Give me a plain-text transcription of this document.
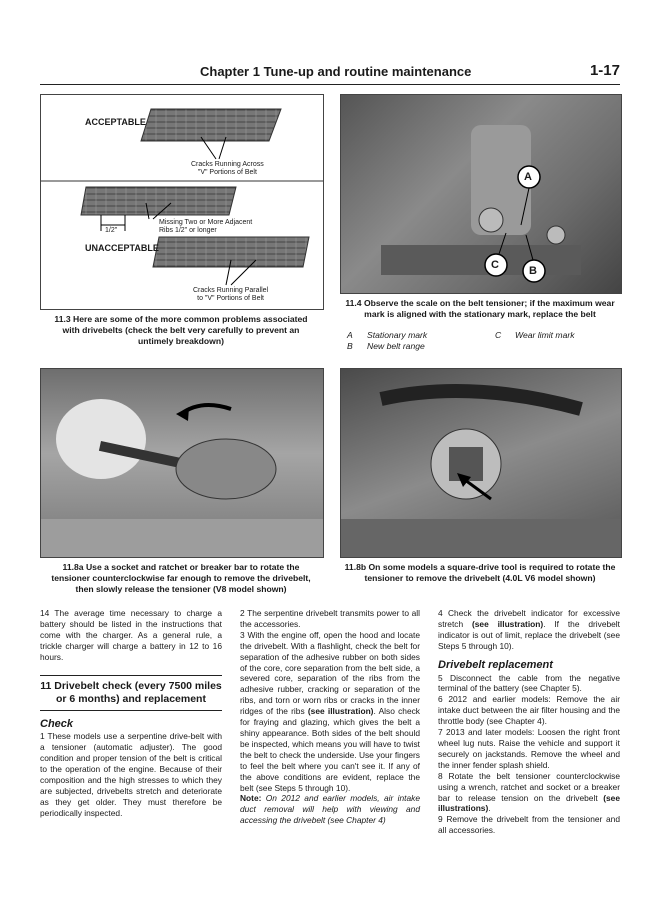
Chapter 1 Tune-up and routine maintenance	1-17
ACCEPTABLE
UNACCEPTABLE
Cracks Running Across
"V" Portions of Belt
Missing Two or More Adjacent
Ribs 1/2" or longer
1/2"
Cracks Running Parallel
to "V" Portions of Belt
11.3 Here are some of the more common problems associated
with drivebelts (check the belt very carefully to prevent an
untimely breakdown)
A
C	B
11.4 Observe the scale on the belt tensioner; if the maximum wear
mark is aligned with the stationary mark, replace the belt
A Stationary mark
B New belt range
C Wear limit mark
11.8a Use a socket and ratchet or breaker bar to rotate the
tensioner counterclockwise far enough to remove the drivebelt,
then slowly release the tensioner (V8 model shown)
11.8b On some models a square-drive tool is required to rotate the
tensioner to remove the drivebelt (4.0L V6 model shown)

14 The average time necessary to charge a battery should be listed in the instructions that come with the charger. As a general rule, a trickle charger will charge a battery in 12 to 16 hours.

11 Drivebelt check (every 7500 miles or 6 months) and replacement
Check

1 These models use a serpentine drive-belt with a tensioner (automatic adjuster). The good condition and proper tension of the belt is critical to the operation of the engine. Because of their composition and the high stresses to which they are subjected, drivebelts stretch and deteriorate as they get older. They must therefore be periodically inspected.

2 The serpentine drivebelt transmits power to all the accessories.

3 With the engine off, open the hood and locate the drivebelt. With a flashlight, check the belt for separation of the adhesive rubber on both sides of the core, core separation from the belt side, a severed core, separation of the ribs from the adhesive rubber, cracking or separation of the ribs, and torn or worn ribs or cracks in the inner ridges of the ribs (see illustration). Also check for fraying and glazing, which gives the belt a shiny appearance. Both sides of the belt should be inspected, which means you will have to twist the belt to check the underside. Use your fingers to feel the belt where you can't see it. If any of the above conditions are evident, replace the belt (see Steps 5 through 10).

Note: On 2012 and earlier models, air intake duct removal will help with viewing and accessing the drivebelt (see Chapter 4)

4 Check the drivebelt indicator for excessive stretch (see illustration). If the drivebelt indicator is out of limit, replace the drivebelt (see Steps 5 through 10).

Drivebelt replacement

5 Disconnect the cable from the negative terminal of the battery (see Chapter 5).

6 2012 and earlier models: Remove the air intake duct between the air filter housing and the throttle body (see Chapter 4).

7 2013 and later models: Loosen the right front wheel lug nuts. Raise the vehicle and support it securely on jackstands. Remove the wheel and the inner fender splash shield.

8 Rotate the belt tensioner counterclockwise using a wrench, ratchet and socket or a breaker bar to release tension on the drivebelt (see illustrations).

9 Remove the drivebelt from the tensioner and all accessories.
